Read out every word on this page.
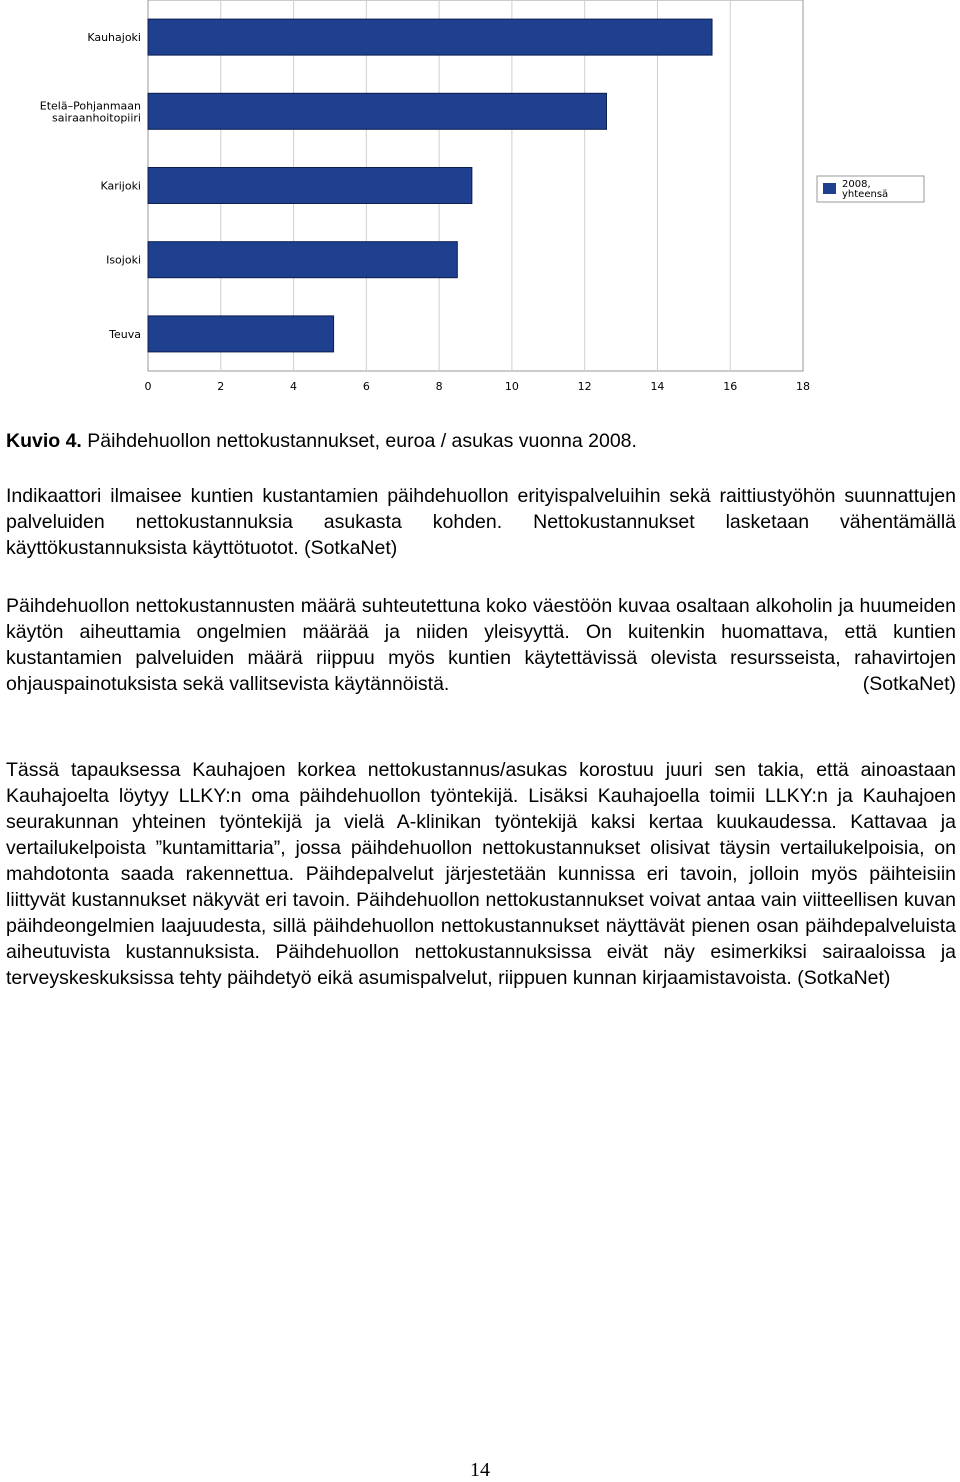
Kauhajoki
Etelä–Pohjanmaan sairaanhoitopiiri
Karijoki
Isojoki
Teuva
0	2	4	6	8	10	12	14	16	18
2008, yhteensä
Kuvio 4. Päihdehuollon nettokustannukset, euroa / asukas vuonna 2008.
Indikaattori ilmaisee kuntien kustantamien päihdehuollon erityispalveluihin sekä raittiustyöhön suunnattujen palveluiden nettokustannuksia asukasta kohden. Nettokustannukset lasketaan vähentämällä käyttökustannuksista käyttötuotot. (SotkaNet)
Päihdehuollon nettokustannusten määrä suhteutettuna koko väestöön kuvaa osaltaan alkoholin ja huumeiden käytön aiheuttamia ongelmien määrää ja niiden yleisyyttä. On kuitenkin huomattava, että kuntien kustantamien palveluiden määrä riippuu myös kuntien käytettävissä olevista resursseista, rahavirtojen ohjauspainotuksista sekä vallitsevista käytännöistä.	(SotkaNet)
Tässä tapauksessa Kauhajoen korkea nettokustannus/asukas korostuu juuri sen takia, että ainoastaan Kauhajoelta löytyy LLKY:n oma päihdehuollon työntekijä. Lisäksi Kauhajoella toimii LLKY:n ja Kauhajoen seurakunnan yhteinen työntekijä ja vielä A-klinikan työntekijä kaksi kertaa kuukaudessa. Kattavaa ja vertailukelpoista ”kuntamittaria”, jossa päihdehuollon nettokustannukset olisivat täysin vertailukelpoisia, on mahdotonta saada rakennettua. Päihdepalvelut järjestetään kunnissa eri tavoin, jolloin myös päihteisiin liittyvät kustannukset näkyvät eri tavoin. Päihdehuollon nettokustannukset voivat antaa vain viitteellisen kuvan päihdeongelmien laajuudesta, sillä päihdehuollon nettokustannukset näyttävät pienen osan päihdepalveluista aiheutuvista kustannuksista. Päihdehuollon nettokustannuksissa eivät näy esimerkiksi sairaaloissa ja terveyskeskuksissa tehty päihdetyö eikä asumispalvelut, riippuen kunnan kirjaamistavoista. (SotkaNet)
14
